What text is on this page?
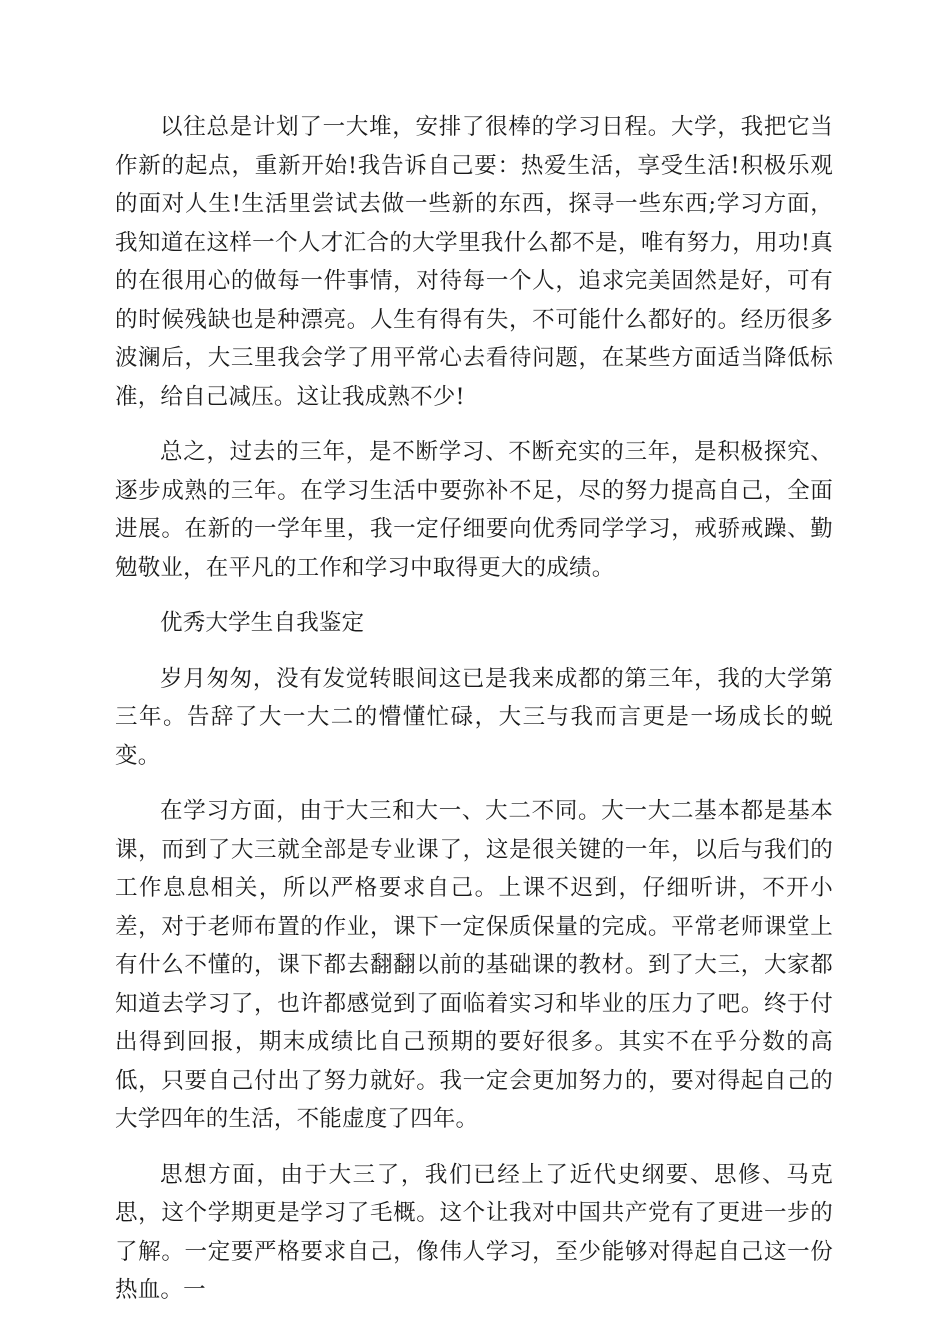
以往总是计划了一大堆，安排了很棒的学习日程。大学，我把它当作新的起点，重新开始!我告诉自己要：热爱生活，享受生活!积极乐观的面对人生!生活里尝试去做一些新的东西，探寻一些东西;学习方面，我知道在这样一个人才汇合的大学里我什么都不是，唯有努力，用功!真的在很用心的做每一件事情，对待每一个人，追求完美固然是好，可有的时候残缺也是种漂亮。人生有得有失，不可能什么都好的。经历很多波澜后，大三里我会学了用平常心去看待问题，在某些方面适当降低标准，给自己减压。这让我成熟不少!

总之，过去的三年，是不断学习、不断充实的三年，是积极探究、逐步成熟的三年。在学习生活中要弥补不足，尽的努力提高自己，全面进展。在新的一学年里，我一定仔细要向优秀同学学习，戒骄戒躁、勤勉敬业，在平凡的工作和学习中取得更大的成绩。

优秀大学生自我鉴定

岁月匆匆，没有发觉转眼间这已是我来成都的第三年，我的大学第三年。告辞了大一大二的懵懂忙碌，大三与我而言更是一场成长的蜕变。

在学习方面，由于大三和大一、大二不同。大一大二基本都是基本课，而到了大三就全部是专业课了，这是很关键的一年，以后与我们的工作息息相关，所以严格要求自己。上课不迟到，仔细听讲，不开小差，对于老师布置的作业，课下一定保质保量的完成。平常老师课堂上有什么不懂的，课下都去翻翻以前的基础课的教材。到了大三，大家都知道去学习了，也许都感觉到了面临着实习和毕业的压力了吧。终于付出得到回报，期末成绩比自己预期的要好很多。其实不在乎分数的高低，只要自己付出了努力就好。我一定会更加努力的，要对得起自己的大学四年的生活，不能虚度了四年。

思想方面，由于大三了，我们已经上了近代史纲要、思修、马克思，这个学期更是学习了毛概。这个让我对中国共产党有了更进一步的了解。一定要严格要求自己，像伟人学习，至少能够对得起自己这一份热血。一
